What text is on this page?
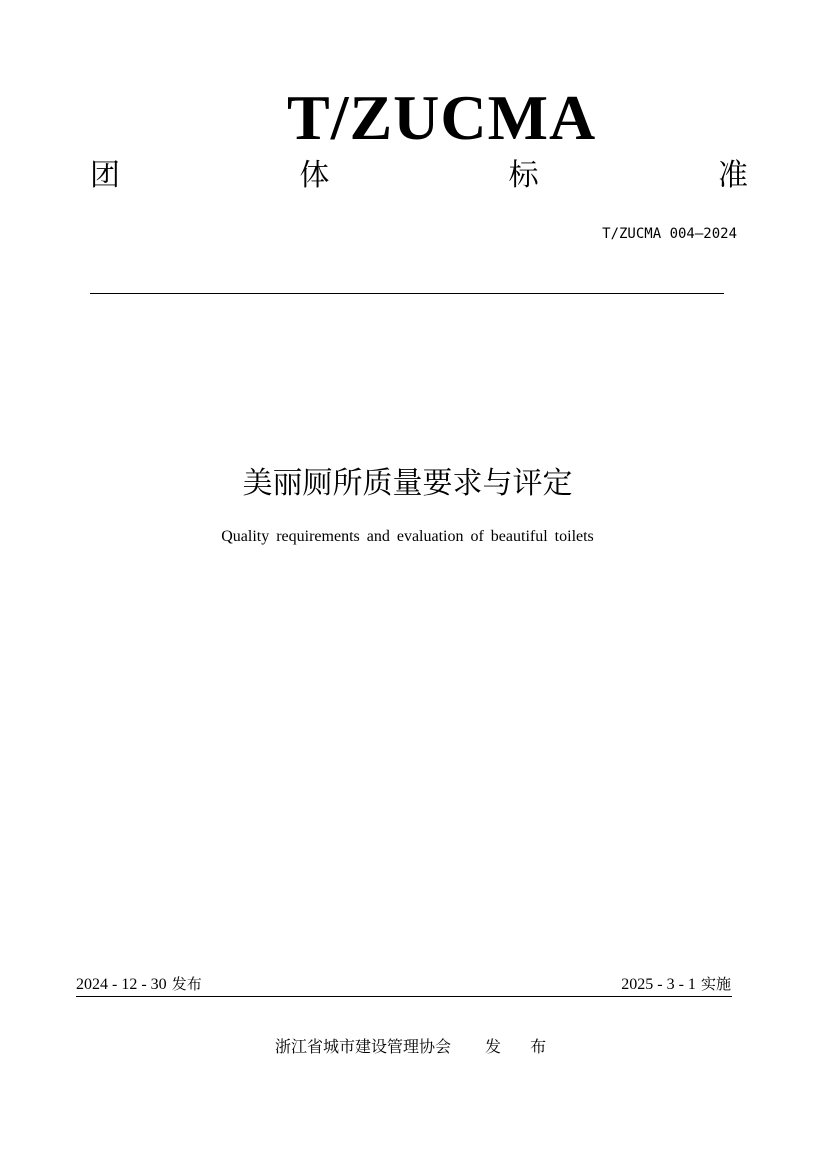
T/ZUCMA
团	体	标	准
T/ZUCMA 004—2024
美丽厕所质量要求与评定
Quality requirements and evaluation of beautiful toilets
2024 - 12 - 30 发布	2025 - 3 - 1 实施
浙江省城市建设管理协会 发 布
